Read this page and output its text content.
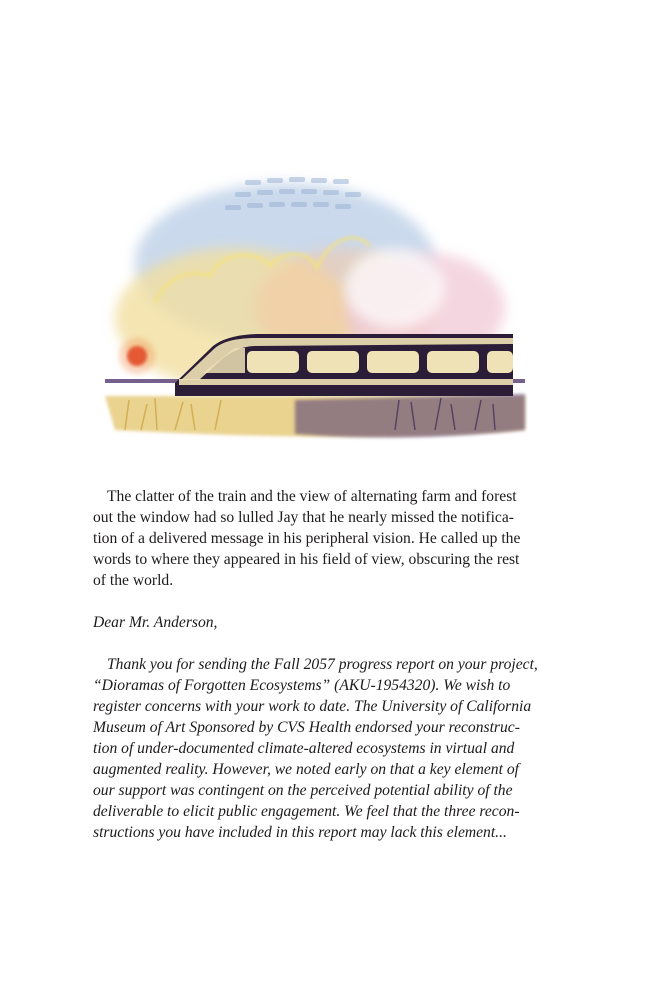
The clatter of the train and the view of alternating farm and forest

out the window had so lulled Jay that he nearly missed the notifica-

tion of a delivered message in his peripheral vision. He called up the

words to where they appeared in his field of view, obscuring the rest

of the world.

Dear Mr. Anderson,

Thank you for sending the Fall 2057 progress report on your project,

“Dioramas of Forgotten Ecosystems” (AKU-1954320). We wish to

register concerns with your work to date. The University of California

Museum of Art Sponsored by CVS Health endorsed your reconstruc-

tion of under-documented climate-altered ecosystems in virtual and

augmented reality. However, we noted early on that a key element of

our support was contingent on the perceived potential ability of the

deliverable to elicit public engagement. We feel that the three recon-

structions you have included in this report may lack this element...
